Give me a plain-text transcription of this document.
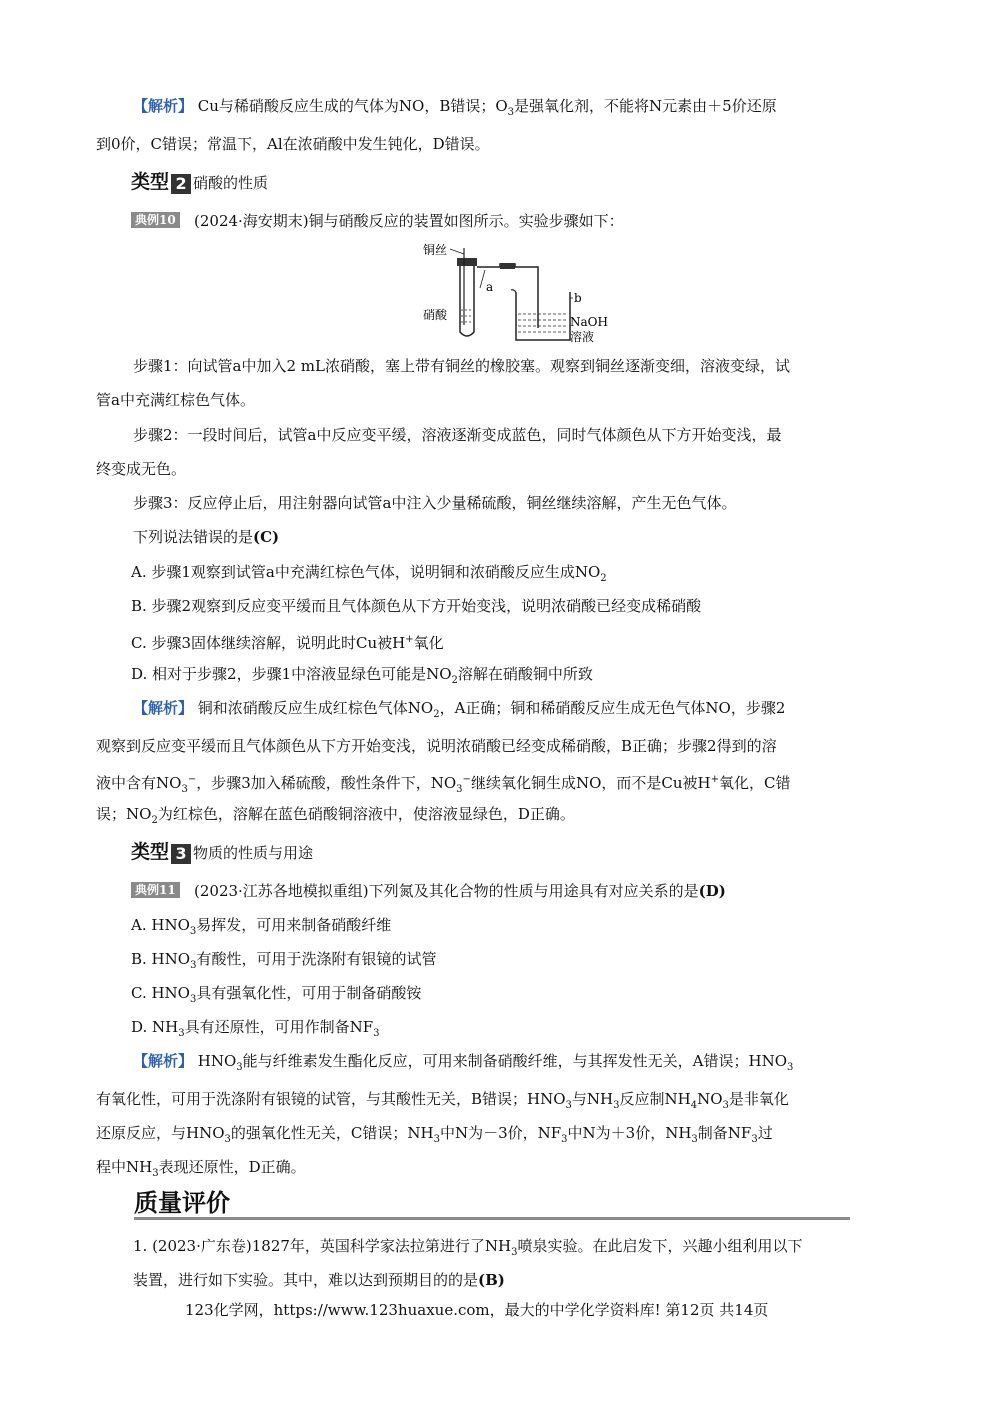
【解析】 Cu与稀硝酸反应生成的气体为NO，B错误；$O_3$是强氧化剂，不能将N元素由＋5价还原
到0价，C错误；常温下，Al在浓硝酸中发生钝化，D错误。
类型 2 硝酸的性质
典例10 (2024·海安期末)铜与硝酸反应的装置如图所示。实验步骤如下：
铜丝
a
硝酸
b
NaOH
溶液
步骤1：向试管a中加入2 mL浓硝酸，塞上带有铜丝的橡胶塞。观察到铜丝逐渐变细，溶液变绿，试
管a中充满红棕色气体。
步骤2：一段时间后，试管a中反应变平缓，溶液逐渐变成蓝色，同时气体颜色从下方开始变浅，最
终变成无色。
步骤3：反应停止后，用注射器向试管a中注入少量稀硫酸，铜丝继续溶解，产生无色气体。
下列说法错误的是(C)
A. 步骤1观察到试管a中充满红棕色气体，说明铜和浓硝酸反应生成$NO_2$
B. 步骤2观察到反应变平缓而且气体颜色从下方开始变浅，说明浓硝酸已经变成稀硝酸
C. 步骤3固体继续溶解，说明此时Cu被H+氧化
D. 相对于步骤2，步骤1中溶液显绿色可能是$NO_2$溶解在硝酸铜中所致
【解析】 铜和浓硝酸反应生成红棕色气体$NO_2$，A正确；铜和稀硝酸反应生成无色气体NO，步骤2
观察到反应变平缓而且气体颜色从下方开始变浅，说明浓硝酸已经变成稀硝酸，B正确；步骤2得到的溶
液中含有$NO_3^-$，步骤3加入稀硫酸，酸性条件下，$NO_3^-$继续氧化铜生成NO，而不是Cu被H+氧化，C错
误；$NO_2$为红棕色，溶解在蓝色硝酸铜溶液中，使溶液显绿色，D正确。
类型 3 物质的性质与用途
典例11 (2023·江苏各地模拟重组)下列氮及其化合物的性质与用途具有对应关系的是(D)
A. $HNO_3$易挥发，可用来制备硝酸纤维
B. $HNO_3$有酸性，可用于洗涤附有银镜的试管
C. $HNO_3$具有强氧化性，可用于制备硝酸铵
D. $NH_3$具有还原性，可用作制备$NF_3$
【解析】 $HNO_3$能与纤维素发生酯化反应，可用来制备硝酸纤维，与其挥发性无关，A错误；$HNO_3$
有氧化性，可用于洗涤附有银镜的试管，与其酸性无关，B错误；$HNO_3$与$NH_3$反应制$NH_4NO_3$是非氧化
还原反应，与$HNO_3$的强氧化性无关，C错误；$NH_3$中N为－3价，$NF_3$中N为＋3价，$NH_3$制备$NF_3$过
程中$NH_3$表现还原性，D正确。
质量评价
1. (2023·广东卷)1827年，英国科学家法拉第进行了$NH_3$喷泉实验。在此启发下，兴趣小组利用以下
装置，进行如下实验。其中，难以达到预期目的的是(B)
123化学网，https://www.123huaxue.com，最大的中学化学资料库! 第12页 共14页
